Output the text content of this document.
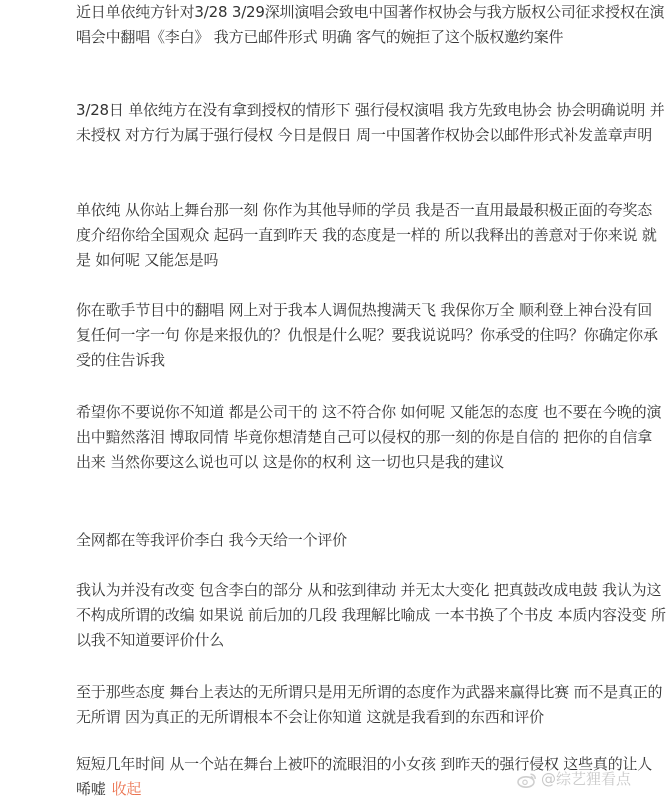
近日单依纯方针对3/28 3/29深圳演唱会致电中国著作权协会与我方版权公司征求授权在演唱会中翻唱《李白》 我方已邮件形式 明确 客气的婉拒了这个版权邀约案件

3/28日 单依纯方在没有拿到授权的情形下 强行侵权演唱 我方先致电协会 协会明确说明 并未授权 对方行为属于强行侵权 今日是假日 周一中国著作权协会以邮件形式补发盖章声明

单依纯 从你站上舞台那一刻 你作为其他导师的学员 我是否一直用最最积极正面的夸奖态度介绍你给全国观众 起码一直到昨天 我的态度是一样的 所以我释出的善意对于你来说 就是 如何呢 又能怎是吗

你在歌手节目中的翻唱 网上对于我本人调侃热搜满天飞 我保你万全 顺利登上神台没有回复任何一字一句 你是来报仇的？仇恨是什么呢？要我说说吗？你承受的住吗？你确定你承受的住告诉我

希望你不要说你不知道 都是公司干的 这不符合你 如何呢 又能怎的态度 也不要在今晚的演出中黯然落泪 博取同情 毕竟你想清楚自己可以侵权的那一刻的你是自信的 把你的自信拿出来 当然你要这么说也可以 这是你的权利 这一切也只是我的建议

全网都在等我评价李白 我今天给一个评价

我认为并没有改变 包含李白的部分 从和弦到律动 并无太大变化 把真鼓改成电鼓 我认为这不构成所谓的改编 如果说 前后加的几段 我理解比喻成 一本书换了个书皮 本质内容没变 所以我不知道要评价什么

至于那些态度 舞台上表达的无所谓只是用无所谓的态度作为武器来赢得比赛 而不是真正的无所谓 因为真正的无所谓根本不会让你知道 这就是我看到的东西和评价

短短几年时间 从一个站在舞台上被吓的流眼泪的小女孩 到昨天的强行侵权 这些真的让人唏嘘 收起

@综艺狸看点
